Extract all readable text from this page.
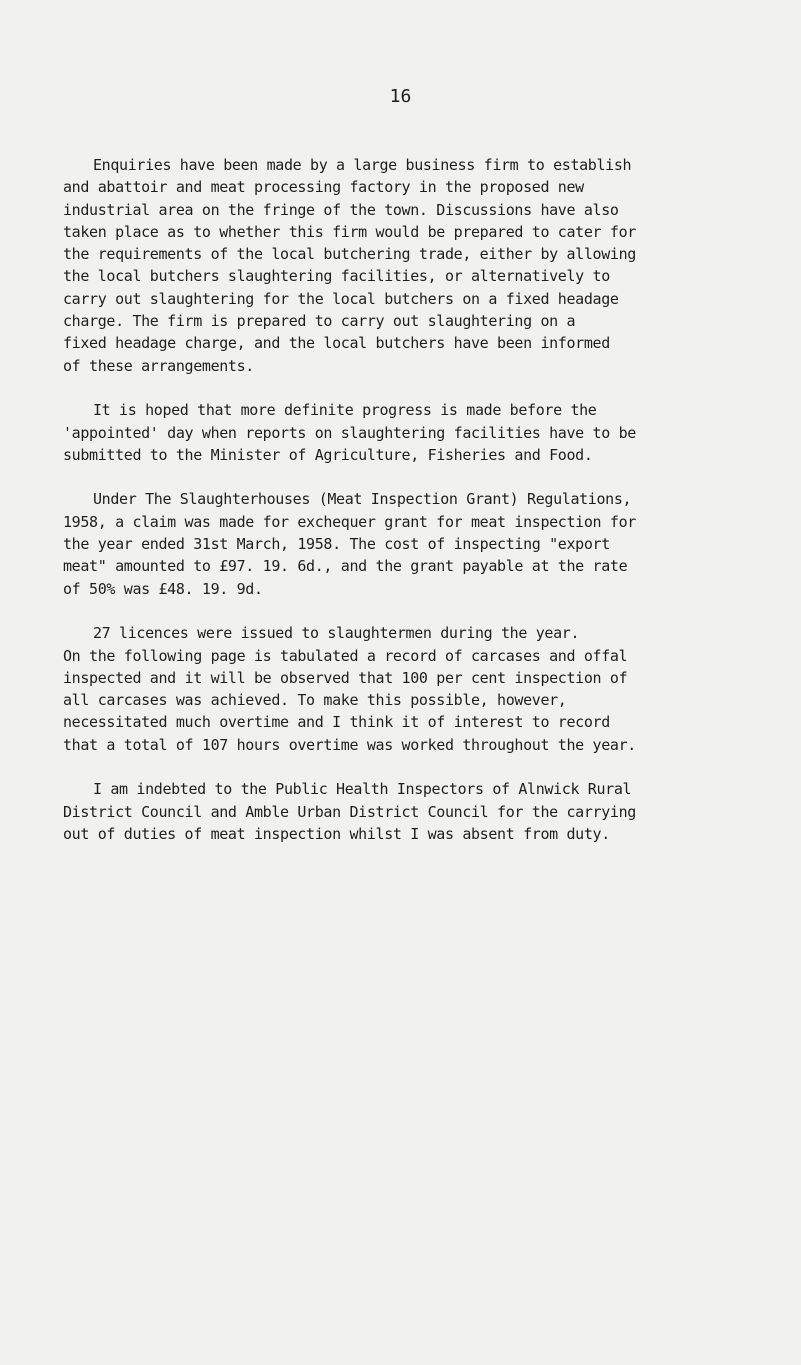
16

Enquiries have been made by a large business firm to establish
and abattoir and meat processing factory in the proposed new
industrial area on the fringe of the town. Discussions have also
taken place as to whether this firm would be prepared to cater for
the requirements of the local butchering trade, either by allowing
the local butchers slaughtering facilities, or alternatively to
carry out slaughtering for the local butchers on a fixed headage
charge. The firm is prepared to carry out slaughtering on a
fixed headage charge, and the local butchers have been informed
of these arrangements.

It is hoped that more definite progress is made before the
'appointed' day when reports on slaughtering facilities have to be
submitted to the Minister of Agriculture, Fisheries and Food.

Under The Slaughterhouses (Meat Inspection Grant) Regulations,
1958, a claim was made for exchequer grant for meat inspection for
the year ended 31st March, 1958. The cost of inspecting "export
meat" amounted to £97. 19. 6d., and the grant payable at the rate
of 50% was £48. 19. 9d.

27 licences were issued to slaughtermen during the year.
On the following page is tabulated a record of carcases and offal
inspected and it will be observed that 100 per cent inspection of
all carcases was achieved. To make this possible, however,
necessitated much overtime and I think it of interest to record
that a total of 107 hours overtime was worked throughout the year.

I am indebted to the Public Health Inspectors of Alnwick Rural
District Council and Amble Urban District Council for the carrying
out of duties of meat inspection whilst I was absent from duty.
